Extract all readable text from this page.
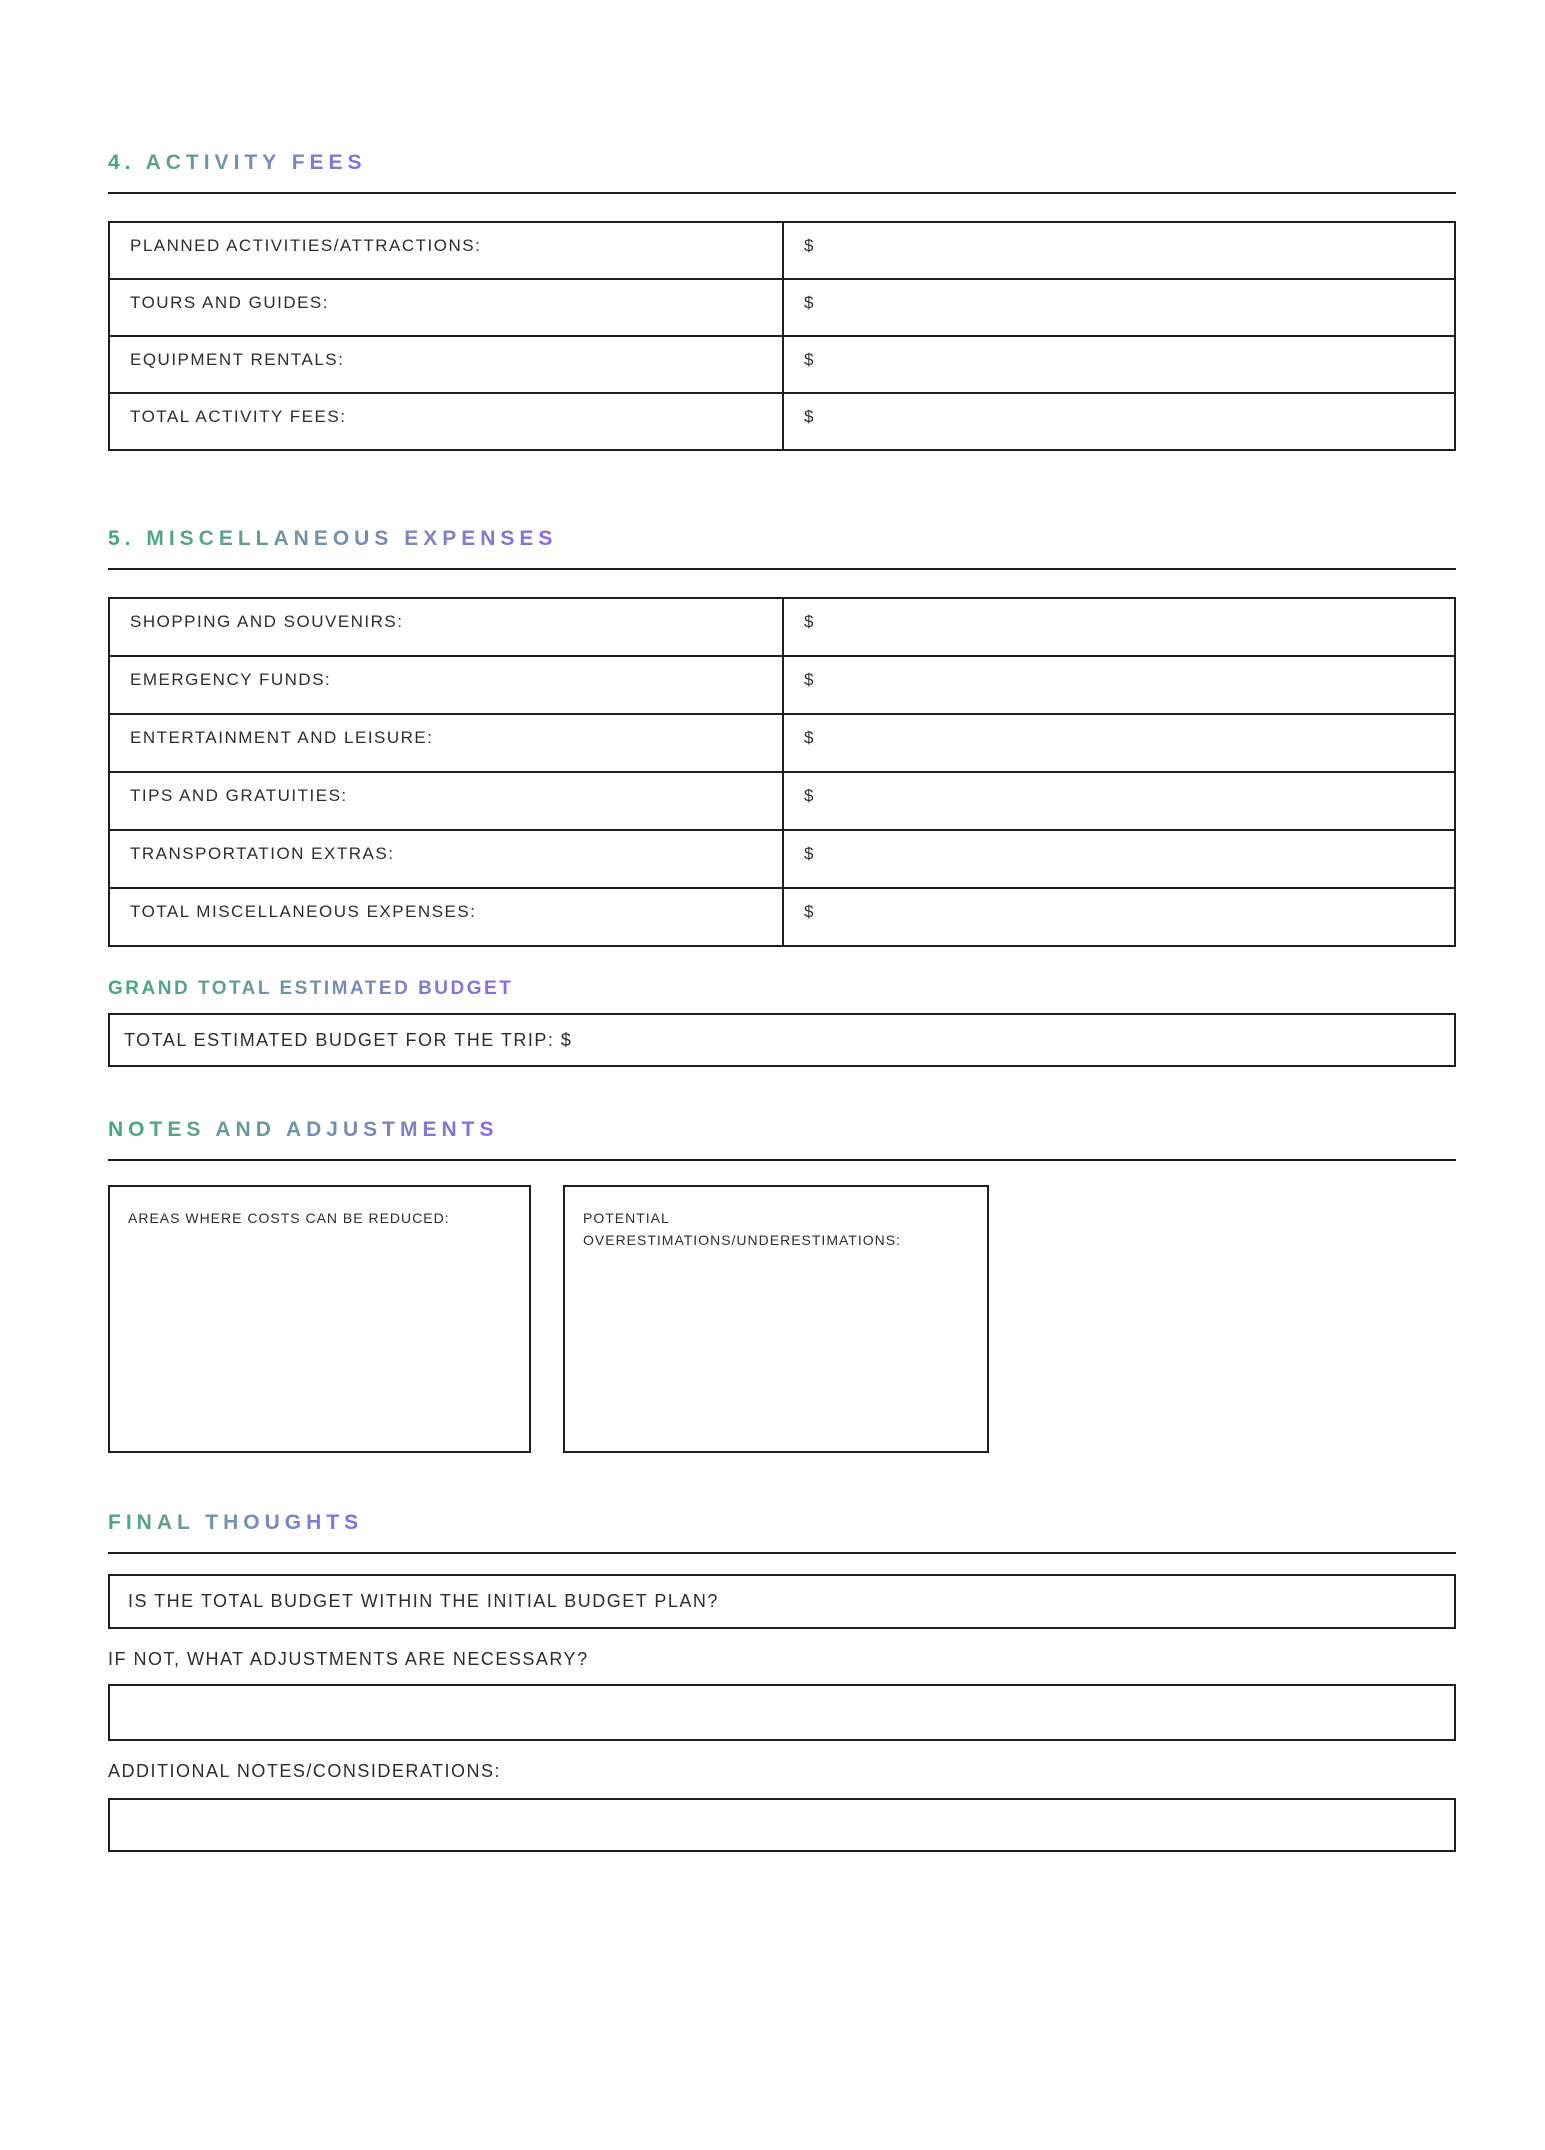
4. ACTIVITY FEES
PLANNED ACTIVITIES/ATTRACTIONS:	$
TOURS AND GUIDES:	$
EQUIPMENT RENTALS:	$
TOTAL ACTIVITY FEES:	$
5. MISCELLANEOUS EXPENSES
SHOPPING AND SOUVENIRS:	$
EMERGENCY FUNDS:	$
ENTERTAINMENT AND LEISURE:	$
TIPS AND GRATUITIES:	$
TRANSPORTATION EXTRAS:	$
TOTAL MISCELLANEOUS EXPENSES:	$
GRAND TOTAL ESTIMATED BUDGET
TOTAL ESTIMATED BUDGET FOR THE TRIP: $
NOTES AND ADJUSTMENTS
AREAS WHERE COSTS CAN BE REDUCED:	POTENTIAL OVERESTIMATIONS/UNDERESTIMATIONS:
FINAL THOUGHTS
IS THE TOTAL BUDGET WITHIN THE INITIAL BUDGET PLAN?
IF NOT, WHAT ADJUSTMENTS ARE NECESSARY?
ADDITIONAL NOTES/CONSIDERATIONS:
